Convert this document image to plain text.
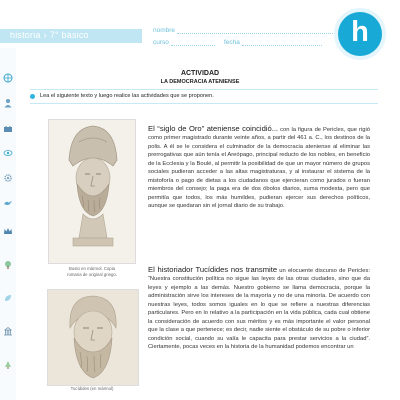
historia › 7° básico	nombre
curso	fecha	h
ACTIVIDAD
LA DEMOCRACIA ATENIENSE
Lea el siguiente texto y luego realice las actividades que se proponen.
Busto en mármol. Copia
romana de original griego.
Tucídides (en mármol)
El “siglo de Oro” ateniense coincidió... con la figura de Pericles, que rigió como primer magistrado durante veinte años, a partir del 461 a. C., los destinos de la polis. A él se le considera el culminador de la democracia ateniense al eliminar las prerrogativas que aún tenía el Areópago, principal reducto de los nobles, en beneficio de la Ecclesia y la Boulé, al permitir la posibilidad de que un mayor número de grupos sociales pudieran acceder a las altas magistraturas, y al instaurar el sistema de la mistoforía o pago de dietas a los ciudadanos que ejercieran como jurados o fueran miembros del consejo; la paga era de dos óbolos diarios, suma modesta, pero que permitía que todos, los más humildes, pudieran ejercer sus derechos políticos, aunque se quedaran sin el jornal diario de su trabajo.
El historiador Tucídides nos transmite un elocuente discurso de Pericles: “Nuestra constitución política no sigue las leyes de las otras ciudades, sino que da leyes y ejemplo a las demás. Nuestro gobierno se llama democracia, porque la administración sirve los intereses de la mayoría y no de una minoría. De acuerdo con nuestras leyes, todos somos iguales en lo que se refiere a nuestras diferencias particulares. Pero en lo relativo a la participación en la vida pública, cada cual obtiene la consideración de acuerdo con sus méritos y es más importante el valor personal que la clase a que pertenece; es decir, nadie siente el obstáculo de su pobre o inferior condición social, cuando su valía le capacita para prestar servicios a la ciudad”. Ciertamente, pocas veces en la historia de la humanidad podemos encontrar un
